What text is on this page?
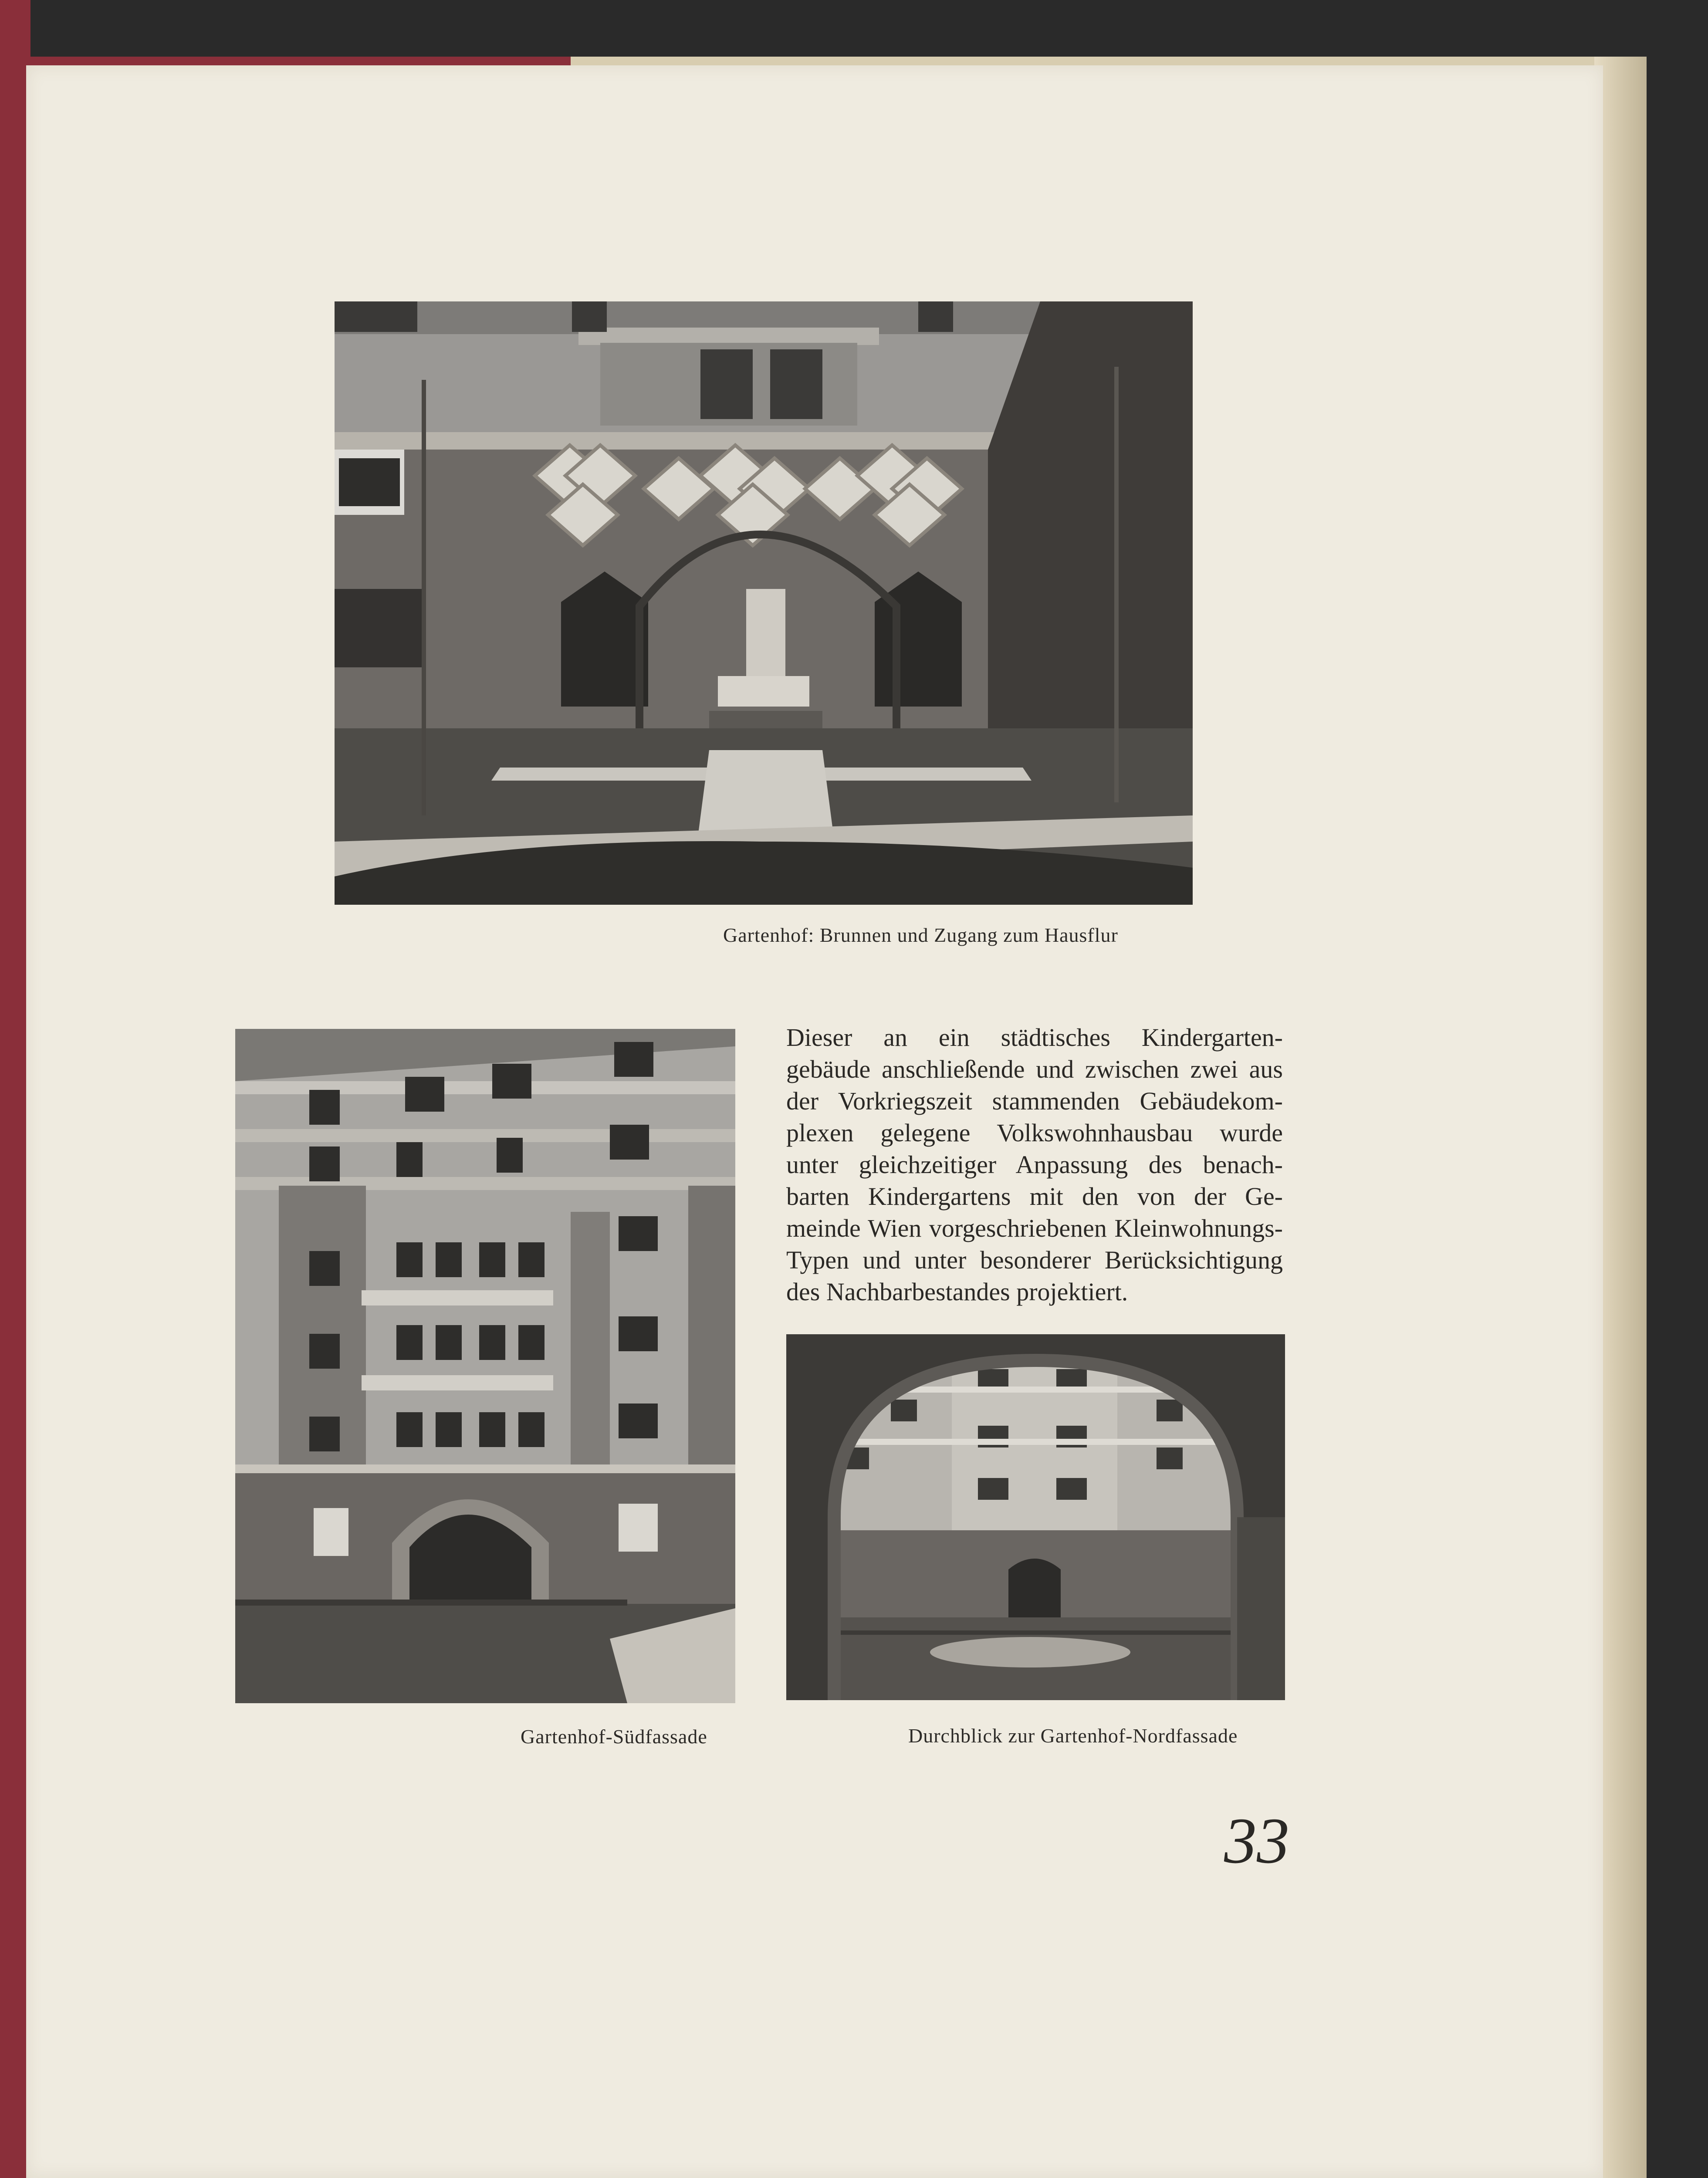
Gartenhof: Brunnen und Zugang zum Hausflur
Gartenhof-Südfassade
Dieser an ein städtisches Kindergarten-
gebäude anschließende und zwischen zwei aus
der Vorkriegszeit stammenden Gebäudekom-
plexen gelegene Volkswohnhausbau wurde
unter gleichzeitiger Anpassung des benach-
barten Kindergartens mit den von der Ge-
meinde Wien vorgeschriebenen Kleinwohnungs-
Typen und unter besonderer Berücksichtigung
des Nachbarbestandes projektiert.
Durchblick zur Gartenhof-Nordfassade
33
